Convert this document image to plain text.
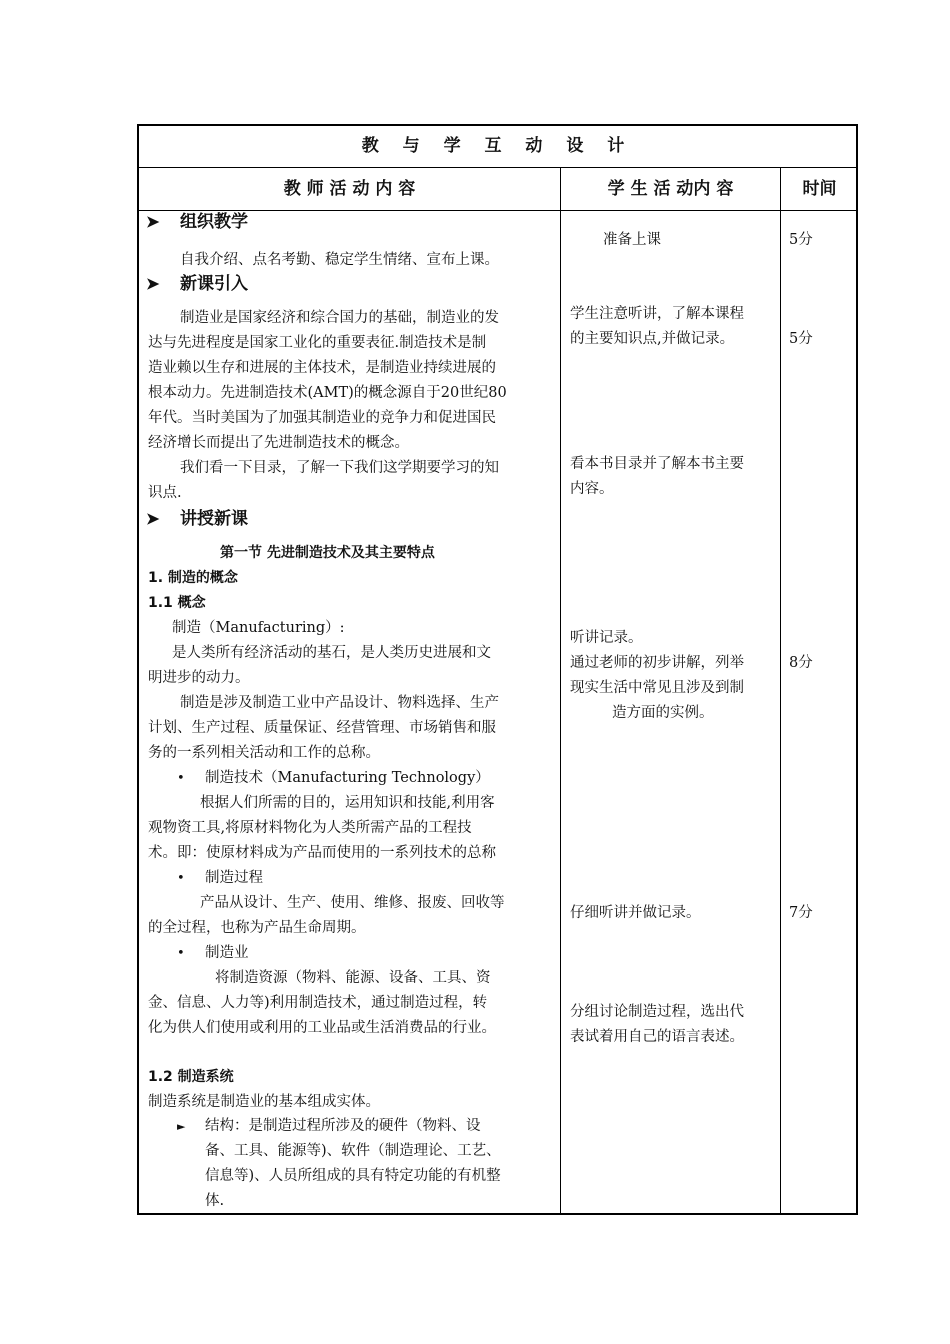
教 与 学 互 动 设 计
教 师 活 动 内 容	学 生 活 动内 容	时间
➤ 组织教学
自我介绍、点名考勤、稳定学生情绪、宣布上课。
➤ 新课引入
制造业是国家经济和综合国力的基础，制造业的发
达与先进程度是国家工业化的重要表征.制造技术是制
造业赖以生存和进展的主体技术，是制造业持续进展的
根本动力。先进制造技术(AMT)的概念源自于20世纪80
年代。当时美国为了加强其制造业的竞争力和促进国民
经济增长而提出了先进制造技术的概念。
我们看一下目录，了解一下我们这学期要学习的知
识点.
➤ 讲授新课
第一节 先进制造技术及其主要特点
1. 制造的概念
1.1 概念
制造（Manufacturing）:
是人类所有经济活动的基石，是人类历史进展和文
明进步的动力。
制造是涉及制造工业中产品设计、物料选择、生产
计划、生产过程、质量保证、经营管理、市场销售和服
务的一系列相关活动和工作的总称。
• 制造技术（Manufacturing Technology）
根据人们所需的目的，运用知识和技能,利用客
观物资工具,将原材料物化为人类所需产品的工程技
术。即：使原材料成为产品而使用的一系列技术的总称
• 制造过程
产品从设计、生产、使用、维修、报废、回收等
的全过程，也称为产品生命周期。
• 制造业
将制造资源（物料、能源、设备、工具、资
金、信息、人力等)利用制造技术，通过制造过程，转
化为供人们使用或利用的工业品或生活消费品的行业。
1.2 制造系统
制造系统是制造业的基本组成实体。
► 结构：是制造过程所涉及的硬件（物料、设
备、工具、能源等)、软件（制造理论、工艺、
信息等)、人员所组成的具有特定功能的有机整
体.
准备上课
学生注意听讲，了解本课程
的主要知识点,并做记录。
看本书目录并了解本书主要
内容。
听讲记录。
通过老师的初步讲解，列举
现实生活中常见且涉及到制
造方面的实例。
仔细听讲并做记录。
分组讨论制造过程，选出代
表试着用自己的语言表述。
5分
5分
8分
7分
